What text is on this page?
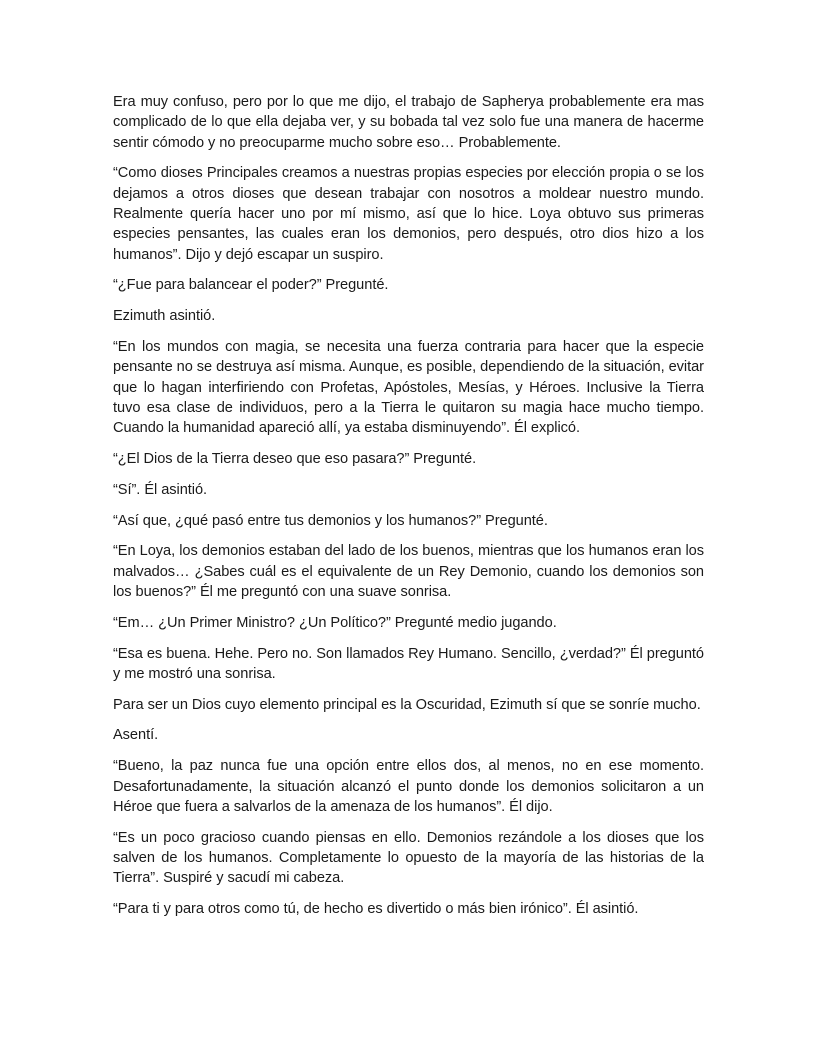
Era muy confuso, pero por lo que me dijo, el trabajo de Sapherya probablemente era mas complicado de lo que ella dejaba ver, y su bobada tal vez solo fue una manera de hacerme sentir cómodo y no preocuparme mucho sobre eso… Probablemente.

“Como dioses Principales creamos a nuestras propias especies por elección propia o se los dejamos a otros dioses que desean trabajar con nosotros a moldear nuestro mundo. Realmente quería hacer uno por mí mismo, así que lo hice. Loya obtuvo sus primeras especies pensantes, las cuales eran los demonios, pero después, otro dios hizo a los humanos”. Dijo y dejó escapar un suspiro.

“¿Fue para balancear el poder?” Pregunté.

Ezimuth asintió.

“En los mundos con magia, se necesita una fuerza contraria para hacer que la especie pensante no se destruya así misma. Aunque, es posible, dependiendo de la situación, evitar que lo hagan interfiriendo con Profetas, Apóstoles, Mesías, y Héroes. Inclusive la Tierra tuvo esa clase de individuos, pero a la Tierra le quitaron su magia hace mucho tiempo. Cuando la humanidad apareció allí, ya estaba disminuyendo”. Él explicó.

“¿El Dios de la Tierra deseo que eso pasara?” Pregunté.

“Sí”. Él asintió.

“Así que, ¿qué pasó entre tus demonios y los humanos?” Pregunté.

“En Loya, los demonios estaban del lado de los buenos, mientras que los humanos eran los malvados… ¿Sabes cuál es el equivalente de un Rey Demonio, cuando los demonios son los buenos?” Él me preguntó con una suave sonrisa.

“Em… ¿Un Primer Ministro? ¿Un Político?” Pregunté medio jugando.

“Esa es buena. Hehe. Pero no. Son llamados Rey Humano. Sencillo, ¿verdad?” Él preguntó y me mostró una sonrisa.

Para ser un Dios cuyo elemento principal es la Oscuridad, Ezimuth sí que se sonríe mucho.

Asentí.

“Bueno, la paz nunca fue una opción entre ellos dos, al menos, no en ese momento. Desafortunadamente, la situación alcanzó el punto donde los demonios solicitaron a un Héroe que fuera a salvarlos de la amenaza de los humanos”. Él dijo.

“Es un poco gracioso cuando piensas en ello. Demonios rezándole a los dioses que los salven de los humanos. Completamente lo opuesto de la mayoría de las historias de la Tierra”. Suspiré y sacudí mi cabeza.

“Para ti y para otros como tú, de hecho es divertido o más bien irónico”. Él asintió.
